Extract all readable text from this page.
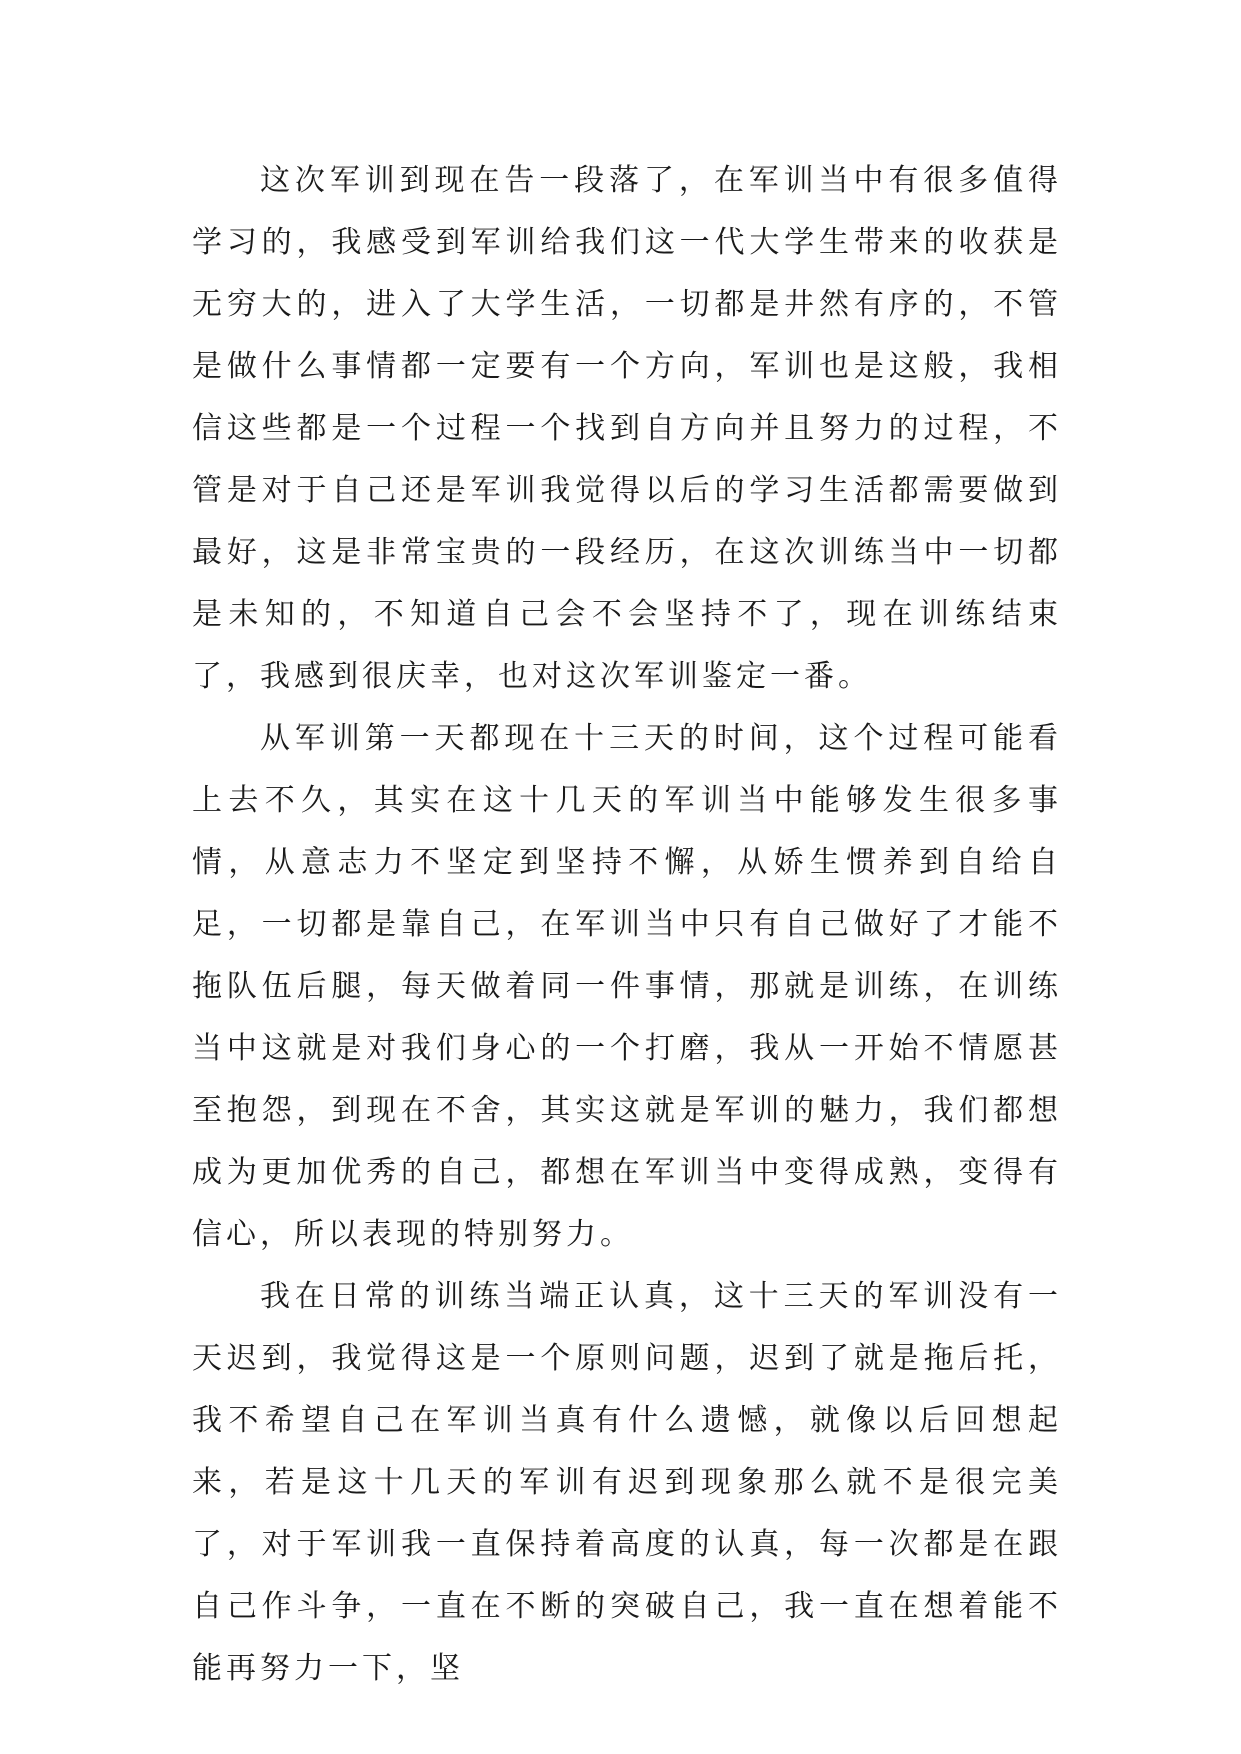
这次军训到现在告一段落了，在军训当中有很多值得学习的，我感受到军训给我们这一代大学生带来的收获是无穷大的，进入了大学生活，一切都是井然有序的，不管是做什么事情都一定要有一个方向，军训也是这般，我相信这些都是一个过程一个找到自方向并且努力的过程，不管是对于自己还是军训我觉得以后的学习生活都需要做到最好，这是非常宝贵的一段经历，在这次训练当中一切都是未知的，不知道自己会不会坚持不了，现在训练结束了，我感到很庆幸，也对这次军训鉴定一番。

从军训第一天都现在十三天的时间，这个过程可能看上去不久，其实在这十几天的军训当中能够发生很多事情，从意志力不坚定到坚持不懈，从娇生惯养到自给自足，一切都是靠自己，在军训当中只有自己做好了才能不拖队伍后腿，每天做着同一件事情，那就是训练，在训练当中这就是对我们身心的一个打磨，我从一开始不情愿甚至抱怨，到现在不舍，其实这就是军训的魅力，我们都想成为更加优秀的自己，都想在军训当中变得成熟，变得有信心，所以表现的特别努力。

我在日常的训练当端正认真，这十三天的军训没有一天迟到，我觉得这是一个原则问题，迟到了就是拖后托，我不希望自己在军训当真有什么遗憾，就像以后回想起来，若是这十几天的军训有迟到现象那么就不是很完美了，对于军训我一直保持着高度的认真，每一次都是在跟自己作斗争，一直在不断的突破自己，我一直在想着能不能再努力一下，坚
